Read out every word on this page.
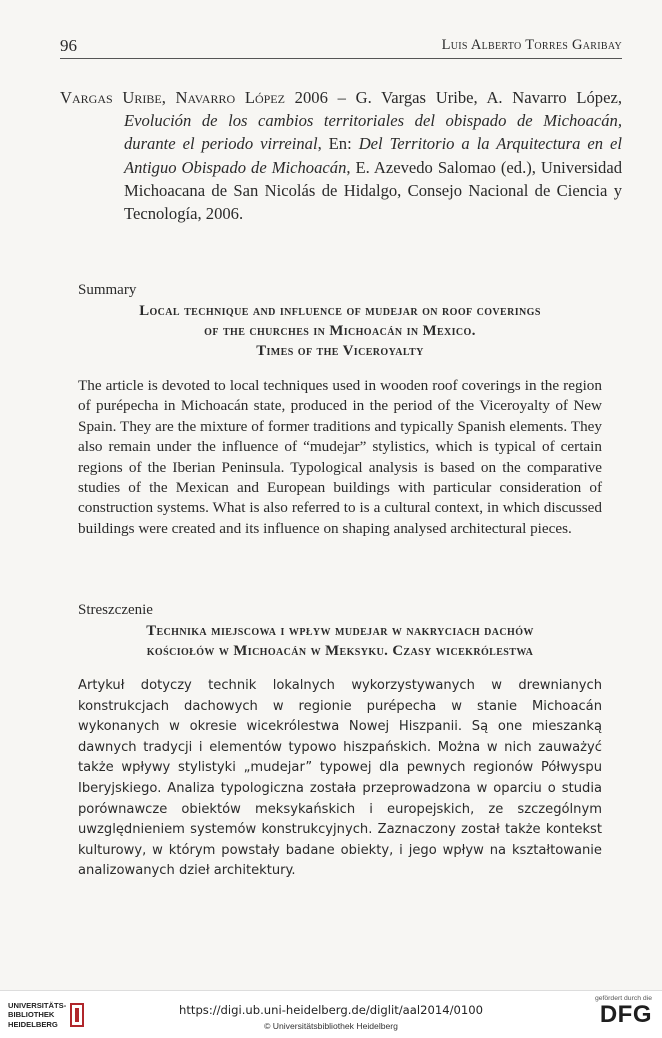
96	Luis Alberto Torres Garibay
Vargas Uribe, Navarro López 2006 – G. Vargas Uribe, A. Navarro López, Evolución de los cambios territoriales del obispado de Michoacán, durante el periodo virreinal, En: Del Territorio a la Arquitectura en el Antiguo Obispado de Michoacán, E. Azevedo Salomao (ed.), Universidad Michoacana de San Nicolás de Hidalgo, Consejo Nacional de Ciencia y Tecnología, 2006.
Summary
Local technique and influence of mudejar on roof coverings
of the churches in Michoacán in Mexico.
Times of the Viceroyalty
The article is devoted to local techniques used in wooden roof coverings in the region of purépecha in Michoacán state, produced in the period of the Viceroyalty of New Spain. They are the mixture of former traditions and typically Spanish elements. They also remain under the influence of “mudejar” stylistics, which is typical of certain regions of the Iberian Peninsula. Typological analysis is based on the comparative studies of the Mexican and European buildings with particular consideration of construction systems. What is also referred to is a cultural context, in which discussed buildings were created and its influence on shaping analysed architectural pieces.
Streszczenie
Technika miejscowa i wpływ mudejar w nakryciach dachów
kościołów w Michoacán w Meksyku. Czasy wicekrólestwa
Artykuł dotyczy technik lokalnych wykorzystywanych w drewnianych konstrukcjach dachowych w regionie purépecha w stanie Michoacán wykonanych w okresie wicekrólestwa Nowej Hiszpanii. Są one mieszanką dawnych tradycji i elementów typowo hiszpańskich. Można w nich zauważyć także wpływy stylistyki „mudejar” typowej dla pewnych regionów Półwyspu Iberyjskiego. Analiza typologiczna została przeprowadzona w oparciu o studia porównawcze obiektów meksykańskich i europejskich, ze szczególnym uwzględnieniem systemów konstrukcyjnych. Zaznaczony został także kontekst kulturowy, w którym powstały badane obiekty, i jego wpływ na kształtowanie analizowanych dzieł architektury.
UNIVERSITÄTS-
BIBLIOTHEK
HEIDELBERG
https://digi.ub.uni-heidelberg.de/diglit/aal2014/0100
© Universitätsbibliothek Heidelberg
gefördert durch die
DFG
